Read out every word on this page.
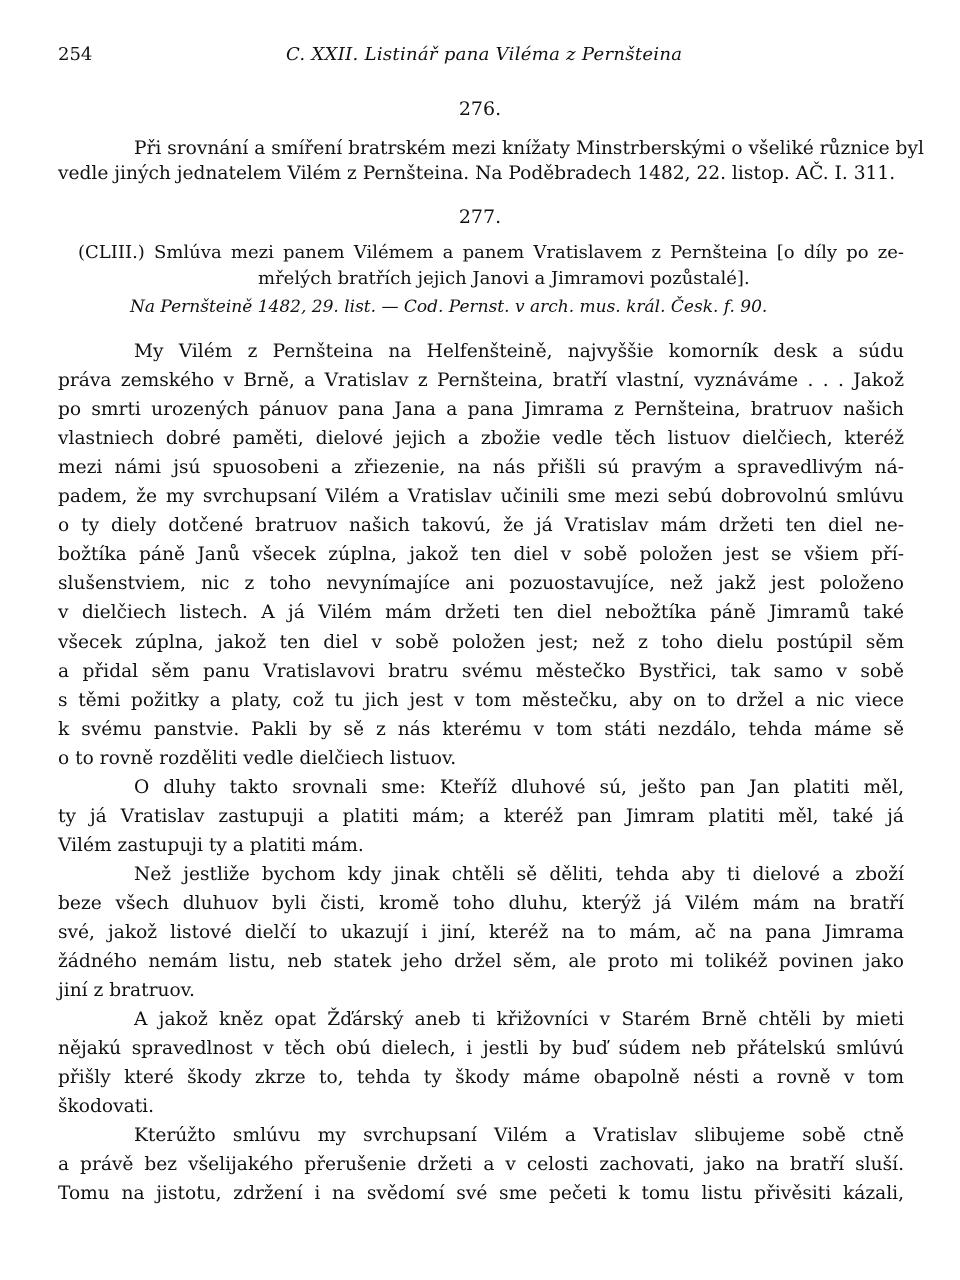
254	C. XXII. Listinář pana Viléma z Pernšteina
276.
Při srovnání a smíření bratrském mezi knížaty Minstrberskými o všeliké různice byl
vedle jiných jednatelem Vilém z Pernšteina. Na Poděbradech 1482, 22. listop. AČ. I. 311.
277.
(CLIII.) Smlúva mezi panem Vilémem a panem Vratislavem z Pernšteina [o díly po ze-
mřelých bratřích jejich Janovi a Jimramovi pozůstalé].
Na Pernšteině 1482, 29. list. — Cod. Pernst. v arch. mus. král. Česk. f. 90.
My Vilém z Pernšteina na Helfenšteině, najvyššie komorník desk a súdu
práva zemského v Brně, a Vratislav z Pernšteina, bratří vlastní, vyznáváme . . . Jakož
po smrti urozených pánuov pana Jana a pana Jimrama z Pernšteina, bratruov našich
vlastniech dobré paměti, dielové jejich a zbožie vedle těch listuov dielčiech, kteréž
mezi námi jsú spuosobeni a zřiezenie, na nás přišli sú pravým a spravedlivým ná-
padem, že my svrchupsaní Vilém a Vratislav učinili sme mezi sebú dobrovolnú smlúvu
o ty diely dotčené bratruov našich takovú, že já Vratislav mám držeti ten diel ne-
božtíka páně Janů všecek zúplna, jakož ten diel v sobě položen jest se všiem pří-
slušenstviem, nic z toho nevynímajíce ani pozuostavujíce, než jakž jest položeno
v dielčiech listech. A já Vilém mám držeti ten diel nebožtíka páně Jimramů také
všecek zúplna, jakož ten diel v sobě položen jest; než z toho dielu postúpil sěm
a přidal sěm panu Vratislavovi bratru svému městečko Bystřici, tak samo v sobě
s těmi požitky a platy, což tu jich jest v tom městečku, aby on to držel a nic viece
k svému panstvie. Pakli by sě z nás kterému v tom státi nezdálo, tehda máme sě
o to rovně rozděliti vedle dielčiech listuov.
O dluhy takto srovnali sme: Kteříž dluhové sú, ješto pan Jan platiti měl,
ty já Vratislav zastupuji a platiti mám; a kteréž pan Jimram platiti měl, také já
Vilém zastupuji ty a platiti mám.
Než jestliže bychom kdy jinak chtěli sě děliti, tehda aby ti dielové a zboží
beze všech dluhuov byli čisti, kromě toho dluhu, kterýž já Vilém mám na bratří
své, jakož listové dielčí to ukazují i jiní, kteréž na to mám, ač na pana Jimrama
žádného nemám listu, neb statek jeho držel sěm, ale proto mi tolikéž povinen jako
jiní z bratruov.
A jakož kněz opat Žďárský aneb ti křižovníci v Starém Brně chtěli by mieti
nějakú spravedlnost v těch obú dielech, i jestli by buď súdem neb přátelskú smlúvú
přišly které škody zkrze to, tehda ty škody máme obapolně nésti a rovně v tom
škodovati.
Kterúžto smlúvu my svrchupsaní Vilém a Vratislav slibujeme sobě ctně
a právě bez všelijakého přerušenie držeti a v celosti zachovati, jako na bratří sluší.
Tomu na jistotu, zdržení i na svědomí své sme pečeti k tomu listu přivěsiti kázali,
